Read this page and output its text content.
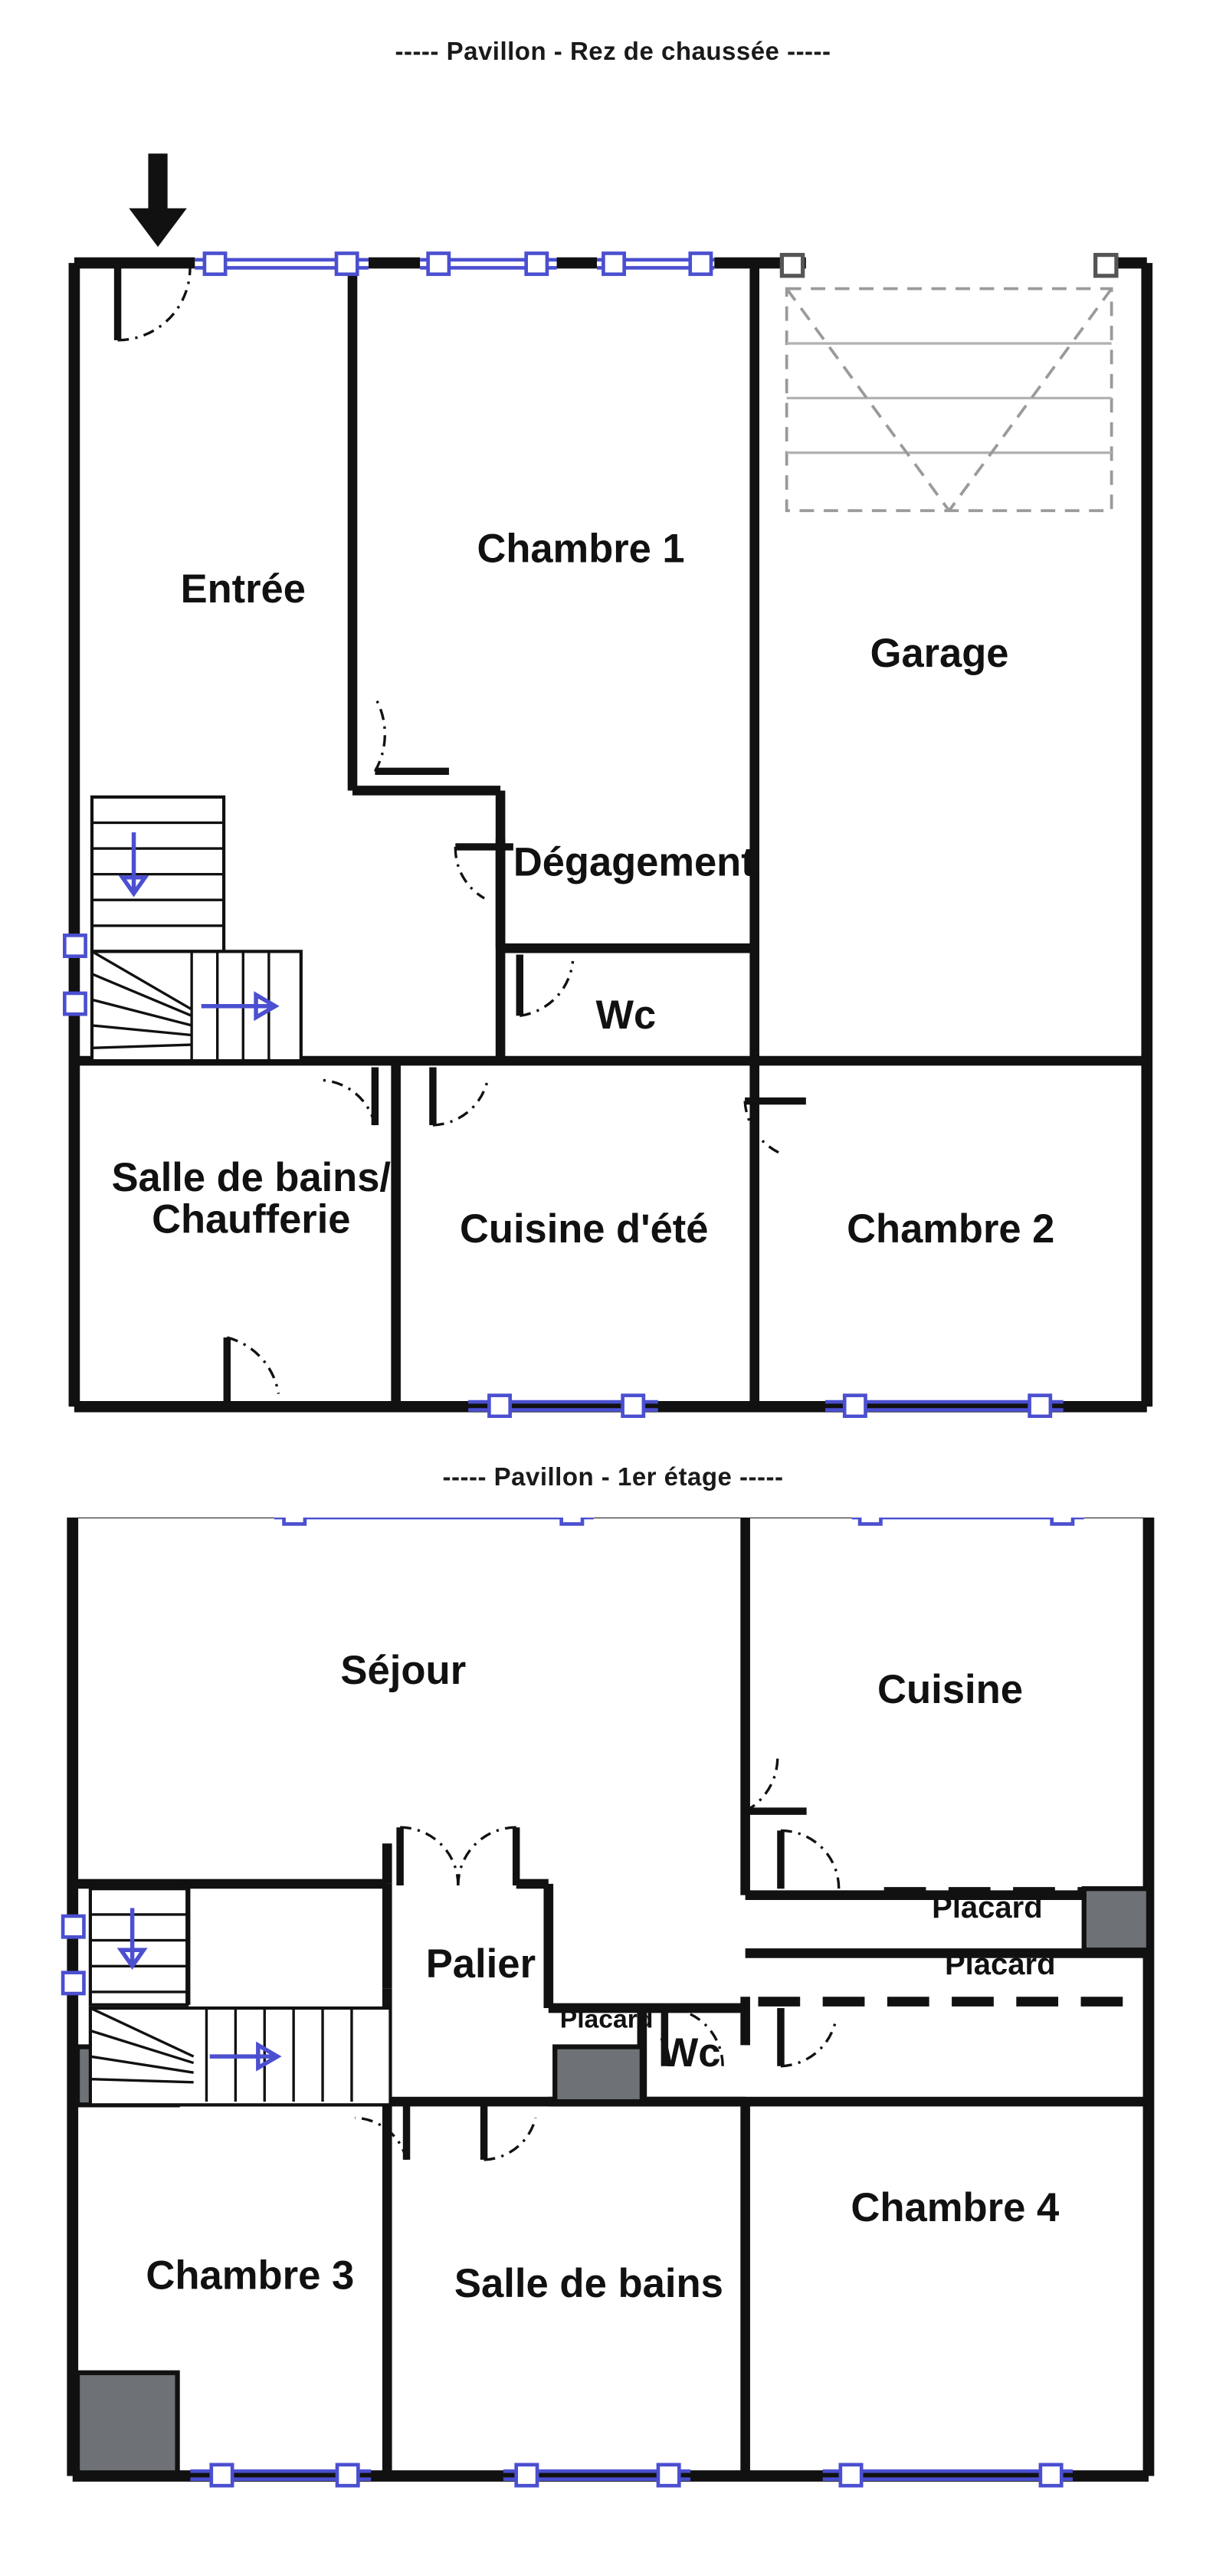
----- Pavillon - Rez de chaussée -----
Entrée
Chambre 1
Garage
Dégagement
Wc
Salle de bains/
Chaufferie	Cuisine d'été	Chambre 2
----- Pavillon - 1er étage -----
Séjour	Cuisine
Palier
Placard
Placard
Placard
Wc
Chambre 4
Chambre 3	Salle de bains
